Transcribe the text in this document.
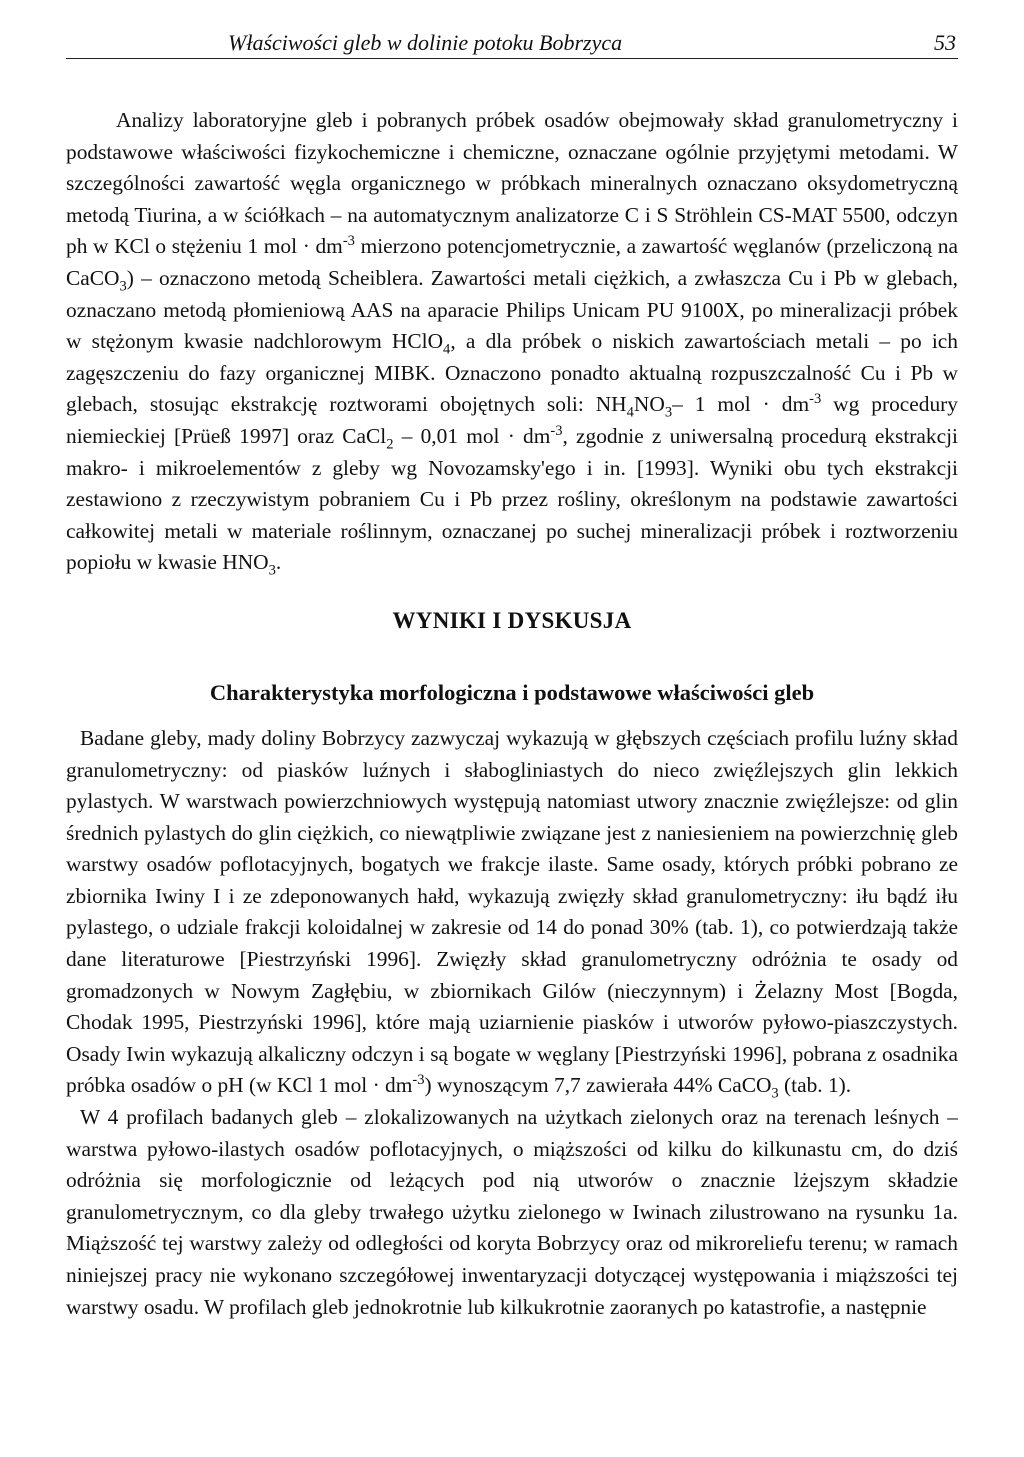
Właściwości gleb w dolinie potoku Bobrzyca	53

Analizy laboratoryjne gleb i pobranych próbek osadów obejmowały skład granulometryczny i podstawowe właściwości fizykochemiczne i chemiczne, oznaczane ogólnie przyjętymi metodami. W szczególności zawartość węgla organicznego w próbkach mineralnych oznaczano oksydometryczną metodą Tiurina, a w ściółkach – na automatycznym analizatorze C i S Ströhlein CS-MAT 5500, odczyn ph w KCl o stężeniu 1 mol · $dm^{-3}$ mierzono potencjometrycznie, a zawartość węglanów (przeliczoną na CaCO$_3$) – oznaczono metodą Scheiblera. Zawartości metali ciężkich, a zwłaszcza Cu i Pb w glebach, oznaczano metodą płomieniową AAS na aparacie Philips Unicam PU 9100X, po mineralizacji próbek w stężonym kwasie nadchlorowym HClO$_4$, a dla próbek o niskich zawartościach metali – po ich zagęszczeniu do fazy organicznej MIBK. Oznaczono ponadto aktualną rozpuszczalność Cu i Pb w glebach, stosując ekstrakcję roztworami obojętnych soli: $NH_4NO_3-$ 1 mol · $dm^{-3}$ wg procedury niemieckiej [Prüeß 1997] oraz CaCl$_2$ – 0,01 mol · $dm^{-3}$, zgodnie z uniwersalną procedurą ekstrakcji makro- i mikroelementów z gleby wg Novozamsky'ego i in. [1993]. Wyniki obu tych ekstrakcji zestawiono z rzeczywistym pobraniem Cu i Pb przez rośliny, określonym na podstawie zawartości całkowitej metali w materiale roślinnym, oznaczanej po suchej mineralizacji próbek i roztworzeniu popiołu w kwasie $HNO_3$.

WYNIKI I DYSKUSJA
Charakterystyka morfologiczna i podstawowe właściwości gleb

Badane gleby, mady doliny Bobrzycy zazwyczaj wykazują w głębszych częściach profilu luźny skład granulometryczny: od piasków luźnych i słabogliniastych do nieco zwięźlejszych glin lekkich pylastych. W warstwach powierzchniowych występują natomiast utwory znacznie zwięźlejsze: od glin średnich pylastych do glin ciężkich, co niewątpliwie związane jest z naniesieniem na powierzchnię gleb warstwy osadów poflotacyjnych, bogatych we frakcje ilaste. Same osady, których próbki pobrano ze zbiornika Iwiny I i ze zdeponowanych hałd, wykazują zwięzły skład granulometryczny: iłu bądź iłu pylastego, o udziale frakcji koloidalnej w zakresie od 14 do ponad 30% (tab. 1), co potwierdzają także dane literaturowe [Piestrzyński 1996]. Zwięzły skład granulometryczny odróżnia te osady od gromadzonych w Nowym Zagłębiu, w zbiornikach Gilów (nieczynnym) i Żelazny Most [Bogda, Chodak 1995, Piestrzyński 1996], które mają uziarnienie piasków i utworów pyłowo-piaszczystych. Osady Iwin wykazują alkaliczny odczyn i są bogate w węglany [Piestrzyński 1996], pobrana z osadnika próbka osadów o pH (w KCl 1 mol · $dm^{-3}$) wynoszącym 7,7 zawierała 44% CaCO$_3$ (tab. 1).

W 4 profilach badanych gleb – zlokalizowanych na użytkach zielonych oraz na terenach leśnych – warstwa pyłowo-ilastych osadów poflotacyjnych, o miąższości od kilku do kilkunastu cm, do dziś odróżnia się morfologicznie od leżących pod nią utworów o znacznie lżejszym składzie granulometrycznym, co dla gleby trwałego użytku zielonego w Iwinach zilustrowano na rysunku 1a. Miąższość tej warstwy zależy od odległości od koryta Bobrzycy oraz od mikroreliefu terenu; w ramach niniejszej pracy nie wykonano szczegółowej inwentaryzacji dotyczącej występowania i miąższości tej warstwy osadu. W profilach gleb jednokrotnie lub kilkukrotnie zaoranych po katastrofie, a następnie
